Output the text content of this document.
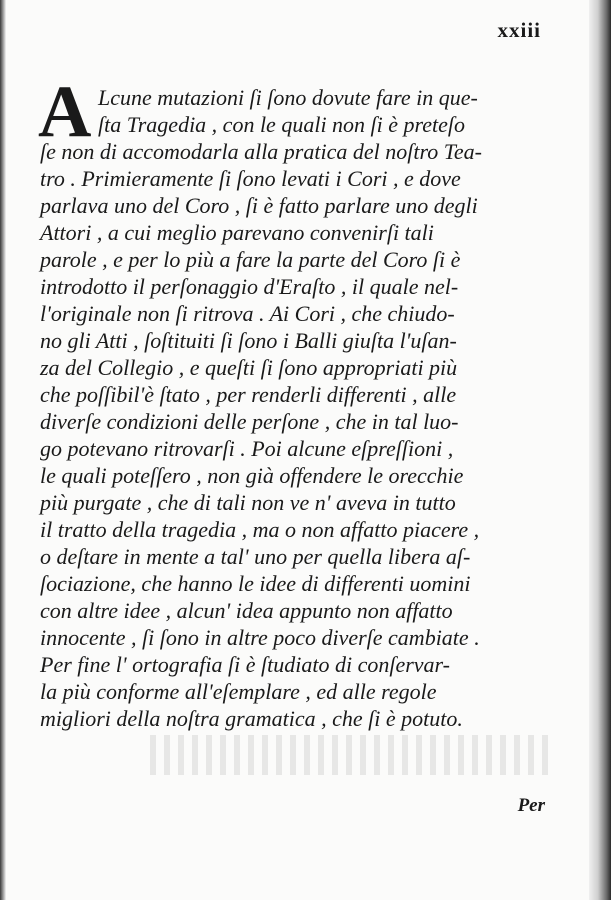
xxiii
A Lcune mutazioni ſi ſono dovute fare in que-
ſta Tragedia , con le quali non ſi è preteſo
ſe non di accomodarla alla pratica del noſtro Tea-
tro . Primieramente ſi ſono levati i Cori , e dove
parlava uno del Coro , ſi è fatto parlare uno degli
Attori , a cui meglio parevano convenirſi tali
parole , e per lo più a fare la parte del Coro ſi è
introdotto il perſonaggio d'Eraſto , il quale nel-
l'originale non ſi ritrova . Ai Cori , che chiudo-
no gli Atti , ſoſtituiti ſi ſono i Balli giuſta l'uſan-
za del Collegio , e queſti ſi ſono appropriati più
che poſſibil'è ſtato , per renderli differenti , alle
diverſe condizioni delle perſone , che in tal luo-
go potevano ritrovarſi . Poi alcune eſpreſſioni ,
le quali poteſſero , non già offendere le orecchie
più purgate , che di tali non ve n' aveva in tutto
il tratto della tragedia , ma o non affatto piacere ,
o deſtare in mente a tal' uno per quella libera aſ-
ſociazione, che hanno le idee di differenti uomini
con altre idee , alcun' idea appunto non affatto
innocente , ſi ſono in altre poco diverſe cambiate .
Per fine l' ortografia ſi è ſtudiato di conſervar-
la più conforme all'eſemplare , ed alle regole
migliori della noſtra gramatica , che ſi è potuto.
Per
